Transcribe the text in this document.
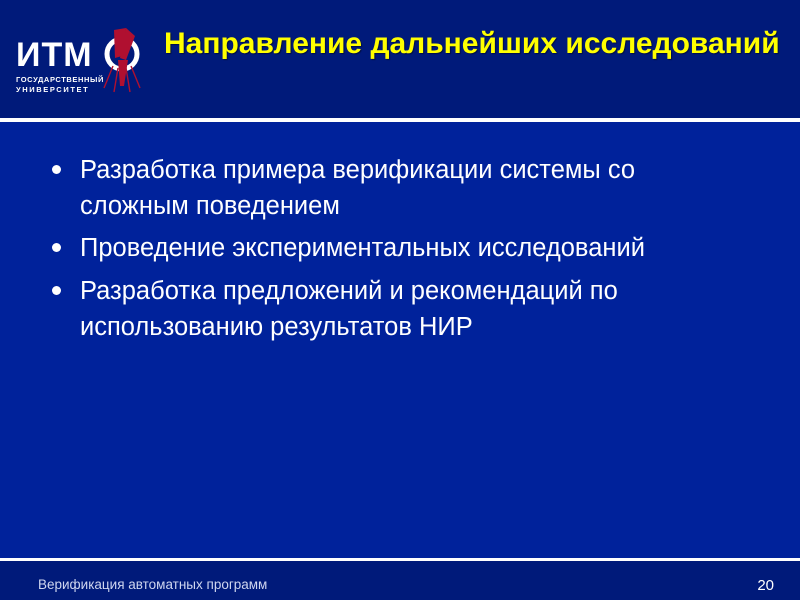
ИТМ
ГОСУДАРСТВЕННЫЙ
УНИВЕРСИТЕТ
Направление дальнейших исследований
Разработка примера верификации системы со сложным поведением
Проведение экспериментальных исследований
Разработка предложений и рекомендаций по использованию результатов НИР
Верификация автоматных программ	20
